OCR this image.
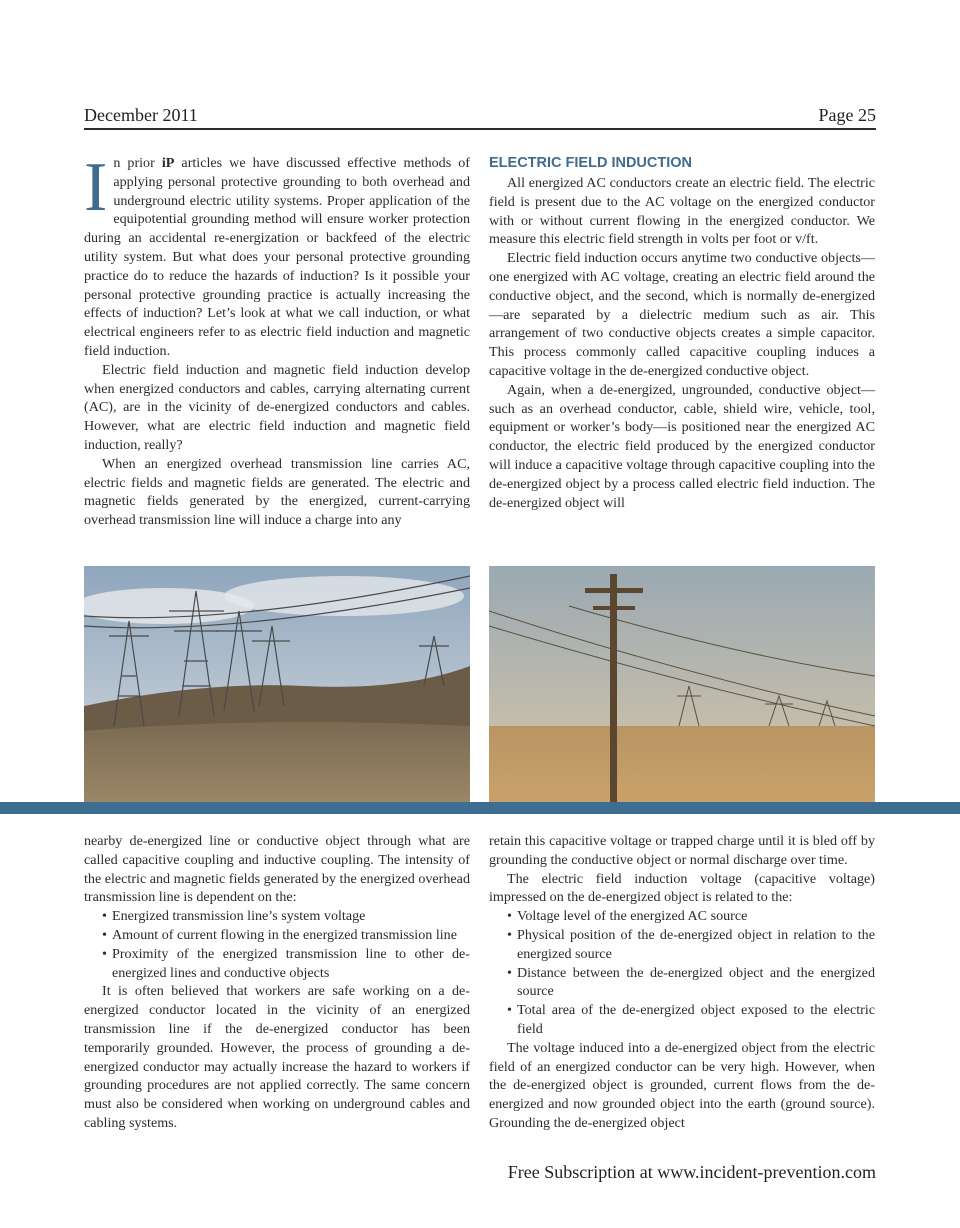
December 2011	Page 25

In prior iP articles we have discussed effective methods of applying personal protective grounding to both overhead and underground electric utility systems. Proper application of the equipotential grounding method will ensure worker protection during an accidental re-energization or backfeed of the electric utility system. But what does your personal protective grounding practice do to reduce the hazards of induction? Is it possible your personal protective grounding practice is actually increasing the effects of induction? Let’s look at what we call induction, or what electrical engineers refer to as electric field induction and magnetic field induction.

Electric field induction and magnetic field induction develop when energized conductors and cables, carrying alternating current (AC), are in the vicinity of de-energized conductors and cables. However, what are electric field induction and magnetic field induction, really?

When an energized overhead transmission line carries AC, electric fields and magnetic fields are generated. The electric and magnetic fields generated by the energized, current-carrying overhead transmission line will induce a charge into any

ELECTRIC FIELD INDUCTION

All energized AC conductors create an electric field. The electric field is present due to the AC voltage on the energized conductor with or without current flowing in the energized conductor. We measure this electric field strength in volts per foot or v/ft.

Electric field induction occurs anytime two conductive objects—one energized with AC voltage, creating an electric field around the conductive object, and the second, which is normally de-energized—are separated by a dielectric medium such as air. This arrangement of two conductive objects creates a simple capacitor. This process commonly called capacitive coupling induces a capacitive voltage in the de-energized conductive object.

Again, when a de-energized, ungrounded, conductive object—such as an overhead conductor, cable, shield wire, vehicle, tool, equipment or worker’s body—is positioned near the energized AC conductor, the electric field produced by the energized conductor will induce a capacitive voltage through capacitive coupling into the de-energized object by a process called electric field induction. The de-energized object will

nearby de-energized line or conductive object through what are called capacitive coupling and inductive coupling. The intensity of the electric and magnetic fields generated by the energized overhead transmission line is dependent on the:

• Energized transmission line’s system voltage
• Amount of current flowing in the energized transmission line
• Proximity of the energized transmission line to other de-energized lines and conductive objects

It is often believed that workers are safe working on a de-energized conductor located in the vicinity of an energized transmission line if the de-energized conductor has been temporarily grounded. However, the process of grounding a de-energized conductor may actually increase the hazard to workers if grounding procedures are not applied correctly. The same concern must also be considered when working on underground cables and cabling systems.

retain this capacitive voltage or trapped charge until it is bled off by grounding the conductive object or normal discharge over time.

The electric field induction voltage (capacitive voltage) impressed on the de-energized object is related to the:

• Voltage level of the energized AC source
• Physical position of the de-energized object in relation to the energized source
• Distance between the de-energized object and the energized source
• Total area of the de-energized object exposed to the electric field

The voltage induced into a de-energized object from the electric field of an energized conductor can be very high. However, when the de-energized object is grounded, current flows from the de-energized and now grounded object into the earth (ground source). Grounding the de-energized object

Free Subscription at www.incident-prevention.com
